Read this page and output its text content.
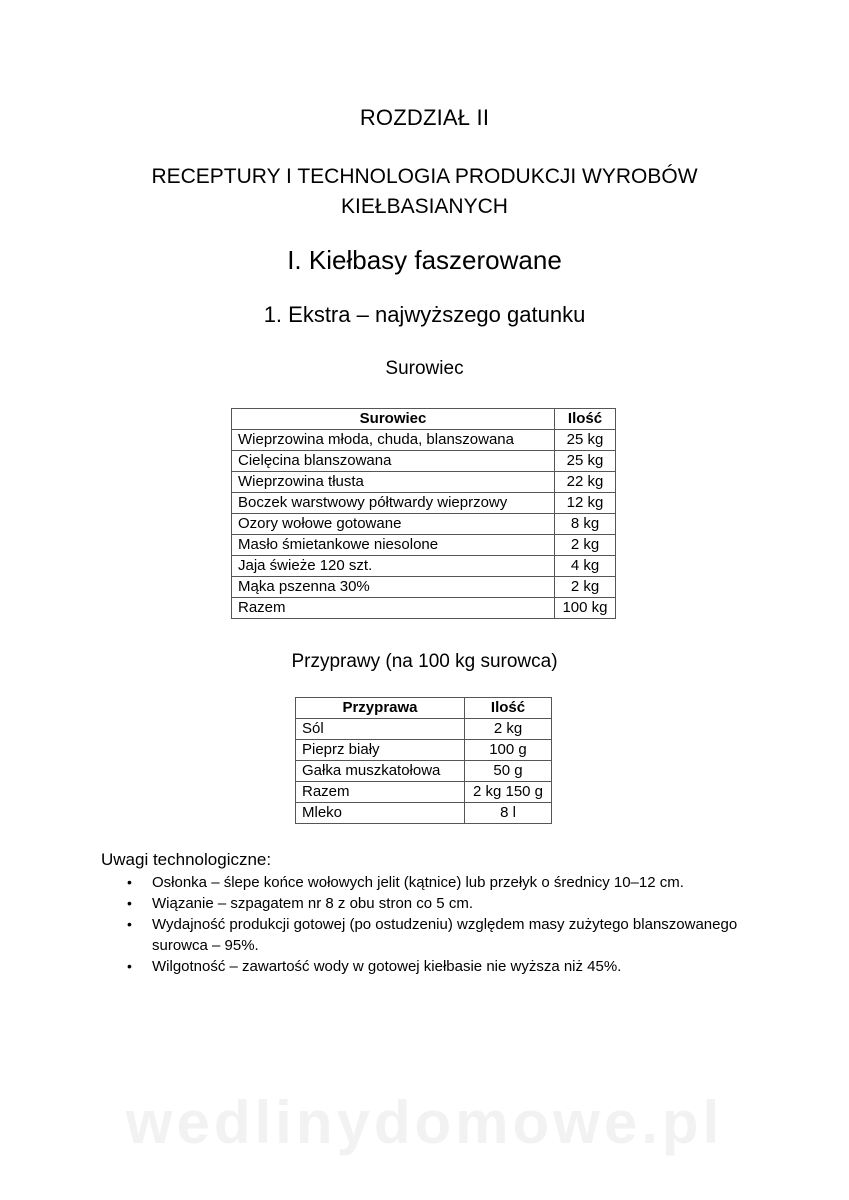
ROZDZIAŁ II
RECEPTURY I TECHNOLOGIA PRODUKCJI WYROBÓW KIEŁBASIANYCH
I. Kiełbasy faszerowane
1. Ekstra – najwyższego gatunku
Surowiec
Surowiec	Ilość
Wieprzowina młoda, chuda, blanszowana	25 kg
Cielęcina blanszowana	25 kg
Wieprzowina tłusta	22 kg
Boczek warstwowy półtwardy wieprzowy	12 kg
Ozory wołowe gotowane	8 kg
Masło śmietankowe niesolone	2 kg
Jaja świeże 120 szt.	4 kg
Mąka pszenna 30%	2 kg
Razem	100 kg
Przyprawy (na 100 kg surowca)
Przyprawa	Ilość
Sól	2 kg
Pieprz biały	100 g
Gałka muszkatołowa	50 g
Razem	2 kg 150 g
Mleko	8 l
Uwagi technologiczne:
• Osłonka – ślepe końce wołowych jelit (kątnice) lub przełyk o średnicy 10–12 cm.
• Wiązanie – szpagatem nr 8 z obu stron co 5 cm.
• Wydajność produkcji gotowej (po ostudzeniu) względem masy zużytego blanszowanego surowca – 95%.
• Wilgotność – zawartość wody w gotowej kiełbasie nie wyższa niż 45%.
wedlinydomowe.pl
